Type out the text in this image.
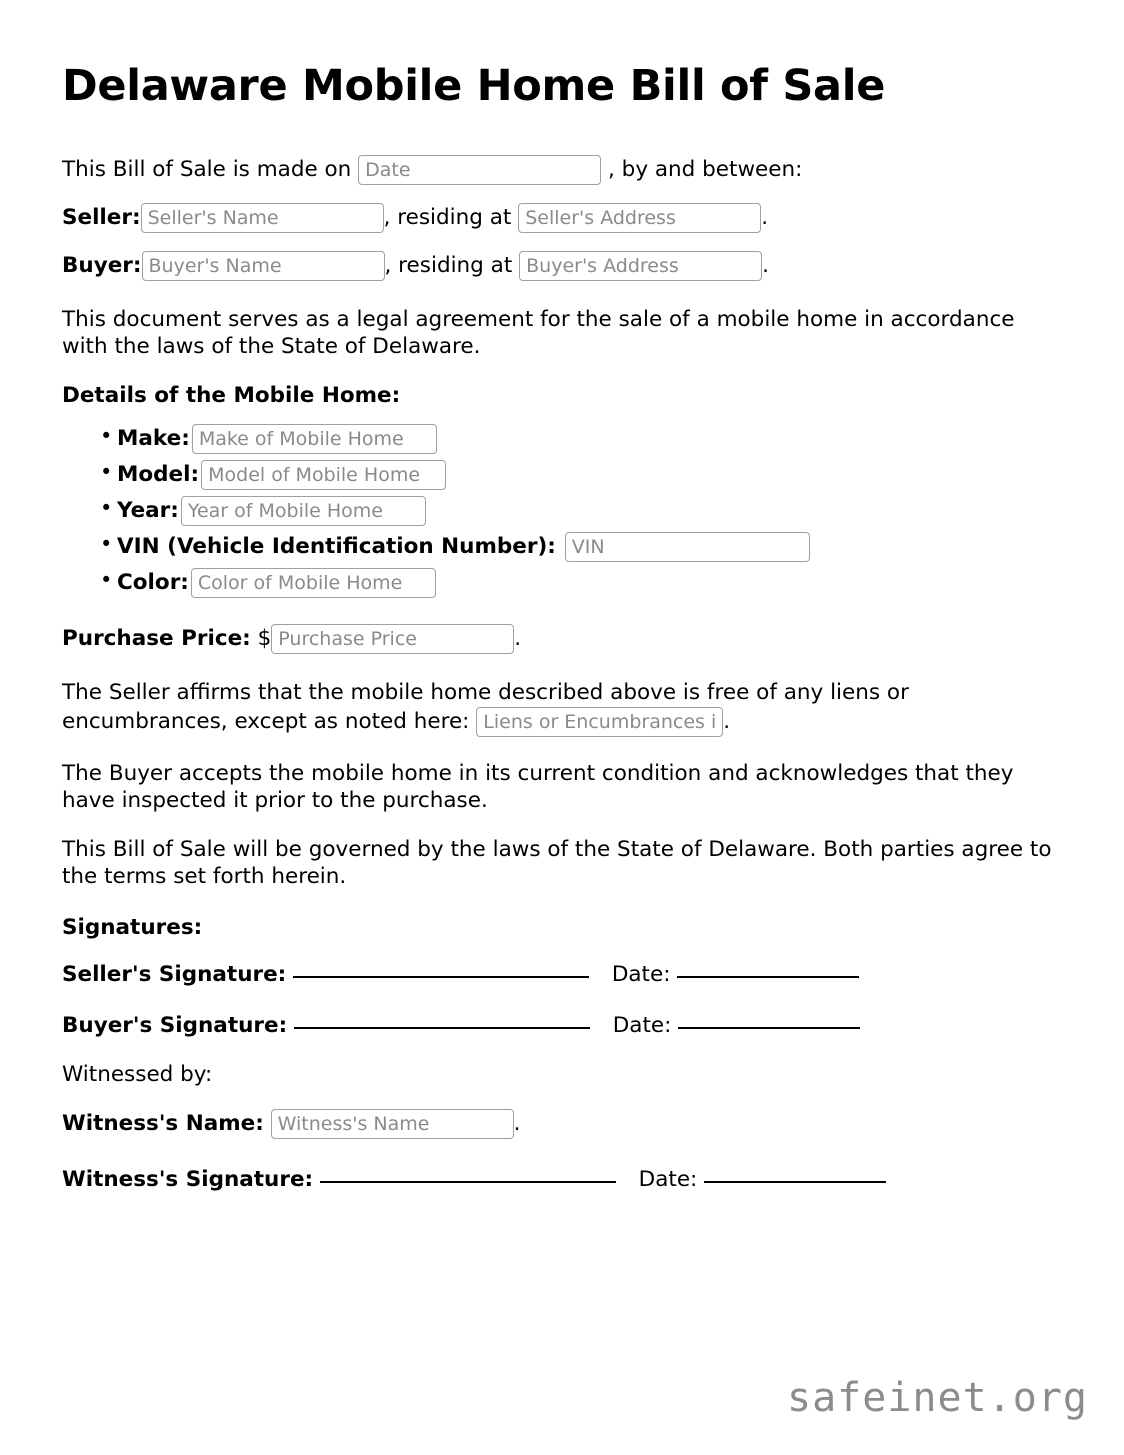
Delaware Mobile Home Bill of Sale

This Bill of Sale is made on Date	, by and between:

Seller:Seller's Name	, residing at Seller's Address	.

Buyer:Buyer's Name	, residing at Buyer's Address	.

This document serves as a legal agreement for the sale of a mobile home in accordance with the laws of the State of Delaware.

Details of the Mobile Home:
• Make:Make of Mobile Home
• Model:Model of Mobile Home
• Year:Year of Mobile Home
• VIN (Vehicle Identification Number): VIN
• Color:Color of Mobile Home

Purchase Price: $Purchase Price	.

The Seller affirms that the mobile home described above is free of any liens or encumbrances, except as noted here: Liens or Encumbrances if any	.

The Buyer accepts the mobile home in its current condition and acknowledges that they have inspected it prior to the purchase.

This Bill of Sale will be governed by the laws of the State of Delaware. Both parties agree to the terms set forth herein.

Signatures:
Seller's Signature:	Date:
Buyer's Signature:	Date:
Witnessed by:

Witness's Name: Witness's Name	.

Witness's Signature:	Date:
safeinet.org
